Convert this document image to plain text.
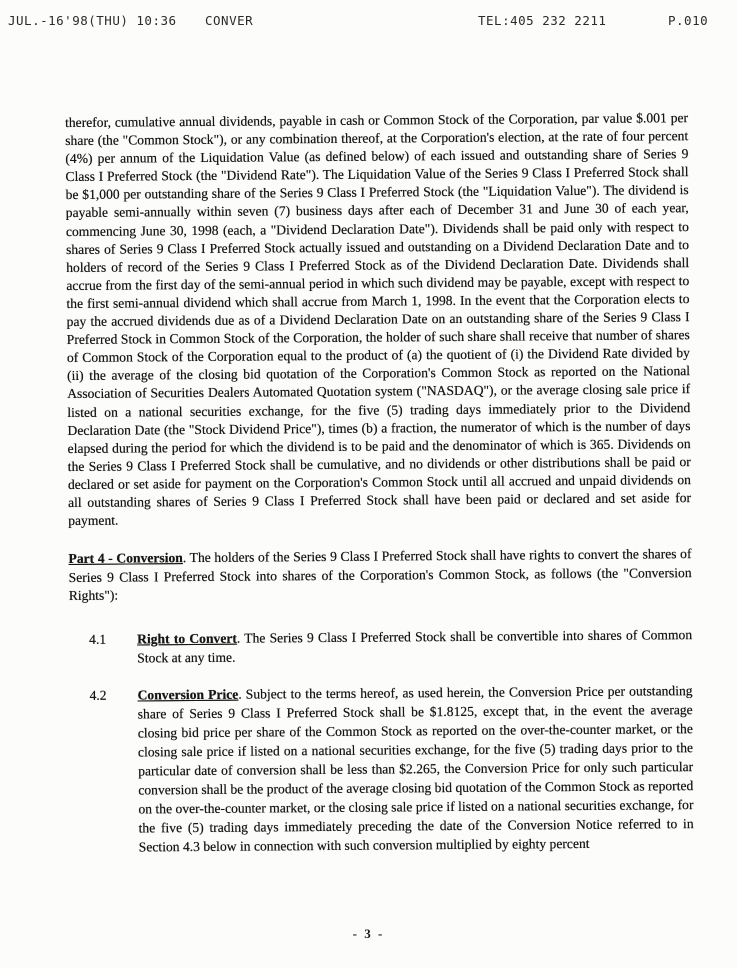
JUL.-16'98(THU) 10:36 CONVER	TEL:405 232 2211	P.010

therefor, cumulative annual dividends, payable in cash or Common Stock of the Corporation, par value $.001 per share (the "Common Stock"), or any combination thereof, at the Corporation's election, at the rate of four percent (4%) per annum of the Liquidation Value (as defined below) of each issued and outstanding share of Series 9 Class I Preferred Stock (the "Dividend Rate"). The Liquidation Value of the Series 9 Class I Preferred Stock shall be $1,000 per outstanding share of the Series 9 Class I Preferred Stock (the "Liquidation Value"). The dividend is payable semi-annually within seven (7) business days after each of December 31 and June 30 of each year, commencing June 30, 1998 (each, a "Dividend Declaration Date"). Dividends shall be paid only with respect to shares of Series 9 Class I Preferred Stock actually issued and outstanding on a Dividend Declaration Date and to holders of record of the Series 9 Class I Preferred Stock as of the Dividend Declaration Date. Dividends shall accrue from the first day of the semi-annual period in which such dividend may be payable, except with respect to the first semi-annual dividend which shall accrue from March 1, 1998. In the event that the Corporation elects to pay the accrued dividends due as of a Dividend Declaration Date on an outstanding share of the Series 9 Class I Preferred Stock in Common Stock of the Corporation, the holder of such share shall receive that number of shares of Common Stock of the Corporation equal to the product of (a) the quotient of (i) the Dividend Rate divided by (ii) the average of the closing bid quotation of the Corporation's Common Stock as reported on the National Association of Securities Dealers Automated Quotation system ("NASDAQ"), or the average closing sale price if listed on a national securities exchange, for the five (5) trading days immediately prior to the Dividend Declaration Date (the "Stock Dividend Price"), times (b) a fraction, the numerator of which is the number of days elapsed during the period for which the dividend is to be paid and the denominator of which is 365. Dividends on the Series 9 Class I Preferred Stock shall be cumulative, and no dividends or other distributions shall be paid or declared or set aside for payment on the Corporation's Common Stock until all accrued and unpaid dividends on all outstanding shares of Series 9 Class I Preferred Stock shall have been paid or declared and set aside for payment.

Part 4 - Conversion. The holders of the Series 9 Class I Preferred Stock shall have rights to convert the shares of Series 9 Class I Preferred Stock into shares of the Corporation's Common Stock, as follows (the "Conversion Rights"):

4.1	Right to Convert. The Series 9 Class I Preferred Stock shall be convertible into shares of Common Stock at any time.

4.2	Conversion Price. Subject to the terms hereof, as used herein, the Conversion Price per outstanding share of Series 9 Class I Preferred Stock shall be $1.8125, except that, in the event the average closing bid price per share of the Common Stock as reported on the over-the-counter market, or the closing sale price if listed on a national securities exchange, for the five (5) trading days prior to the particular date of conversion shall be less than $2.265, the Conversion Price for only such particular conversion shall be the product of the average closing bid quotation of the Common Stock as reported on the over-the-counter market, or the closing sale price if listed on a national securities exchange, for the five (5) trading days immediately preceding the date of the Conversion Notice referred to in Section 4.3 below in connection with such conversion multiplied by eighty percent

- 3 -
